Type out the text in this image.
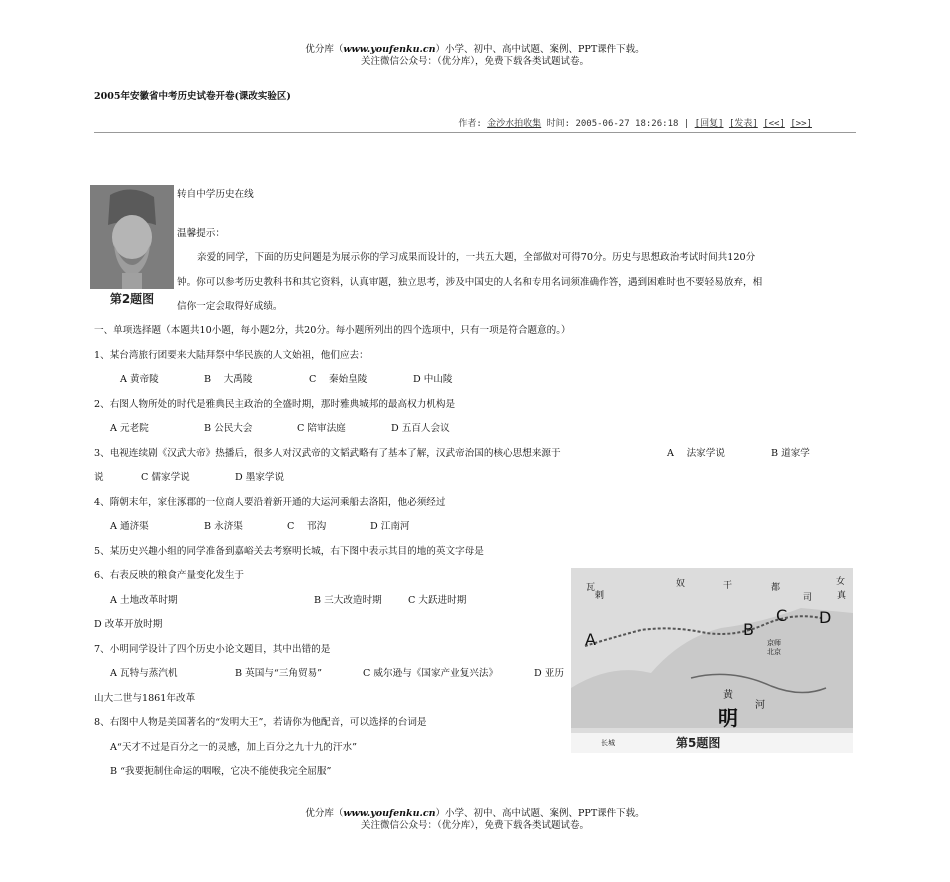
优分库（www.youfenku.cn）小学、初中、高中试题、案例、PPT课件下载。
关注微信公众号：（优分库），免费下载各类试题试卷。
2005年安徽省中考历史试卷开卷(课改实验区)
作者: 金沙水拍收集 时间: 2005-06-27 18:26:18 | [回复] [发表] [<<] [>>]
第2题图
瓦
剌
奴	干	都
司
女
真
A
B
C D
京师
北京
黄
河
明
长城	第5题图
转自中学历史在线
温馨提示：
亲爱的同学，下面的历史问题是为展示你的学习成果而设计的，一共五大题，全部做对可得70分。历史与思想政治考试时间共120分
钟。你可以参考历史教科书和其它资料，认真审题，独立思考，涉及中国史的人名和专用名词须准确作答，遇到困难时也不要轻易放弃，相
信你一定会取得好成绩。
一、单项选择题（本题共10小题，每小题2分，共20分。每小题所列出的四个选项中，只有一项是符合题意的。）
1、某台湾旅行团要来大陆拜祭中华民族的人文始祖，他们应去：
A 黄帝陵	B　 大禹陵	C　 秦始皇陵	D 中山陵
2、右图人物所处的时代是雅典民主政治的全盛时期，那时雅典城邦的最高权力机构是
A 元老院	B 公民大会	C 陪审法庭	D 五百人会议
3、电视连续剧《汉武大帝》热播后，很多人对汉武帝的文韬武略有了基本了解，汉武帝治国的核心思想来源于	A　 法家学说	B 道家学
说	C 儒家学说	D 墨家学说
4、隋朝末年，家住涿郡的一位商人要沿着新开通的大运河乘船去洛阳，他必须经过
A 通济渠	B 永济渠	C　 邗沟	D 江南河
5、某历史兴趣小组的同学准备到嘉峪关去考察明长城，右下图中表示其目的地的英文字母是
6、右表反映的粮食产量变化发生于
A 土地改革时期	B 三大改造时期	C 大跃进时期
D 改革开放时期
7、小明同学设计了四个历史小论文题目，其中出错的是
A 瓦特与蒸汽机	B 英国与“三角贸易”	C 威尔逊与《国家产业复兴法》	D 亚历
山大二世与1861年改革
8、右图中人物是美国著名的“发明大王”，若请你为他配音，可以选择的台词是
A“天才不过是百分之一的灵感，加上百分之九十九的汗水”
B “我要扼制住命运的咽喉，它决不能使我完全屈服”
优分库（www.youfenku.cn）小学、初中、高中试题、案例、PPT课件下载。
关注微信公众号：（优分库），免费下载各类试题试卷。
